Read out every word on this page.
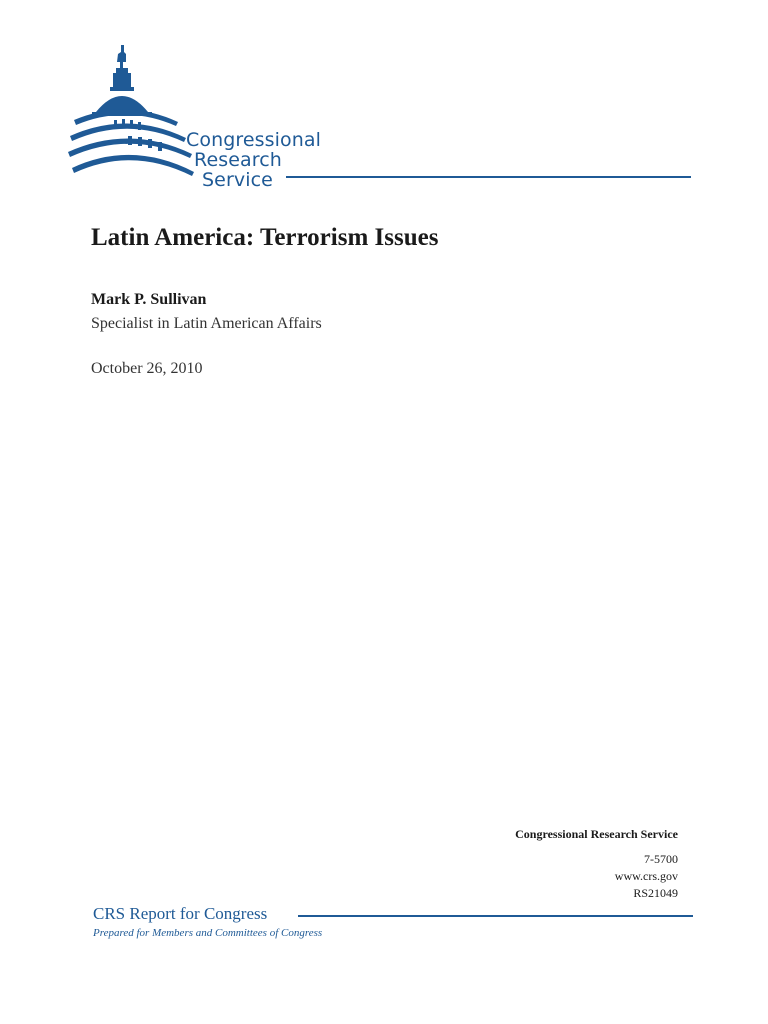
Congressional
Research
Service
Latin America: Terrorism Issues
Mark P. Sullivan
Specialist in Latin American Affairs
October 26, 2010
Congressional Research Service
7-5700
www.crs.gov
RS21049
CRS Report for Congress
Prepared for Members and Committees of Congress
